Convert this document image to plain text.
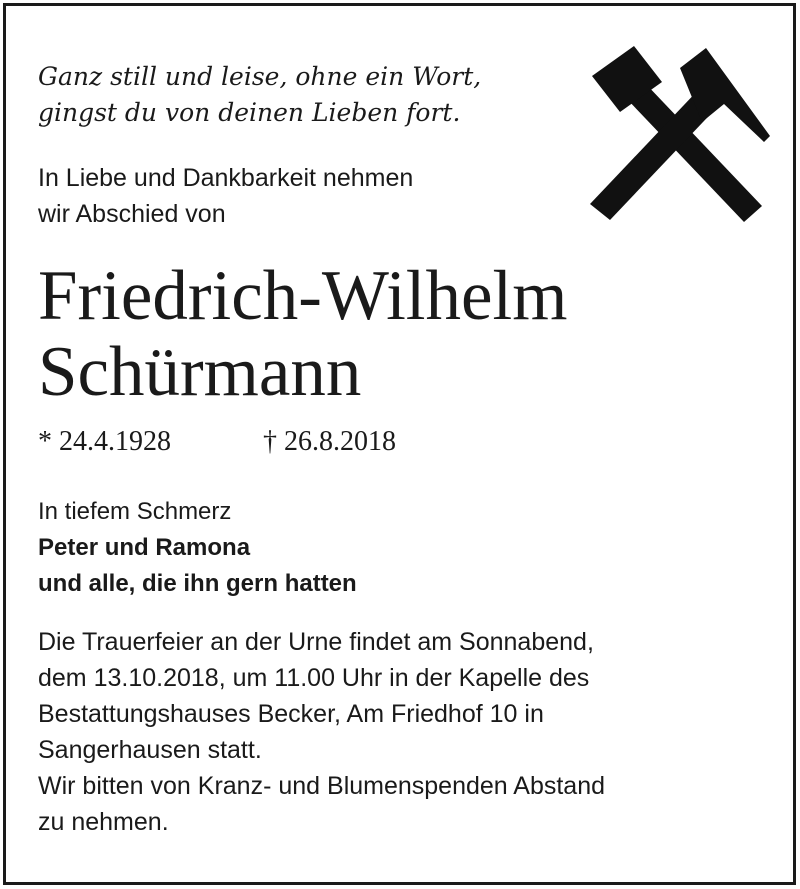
Ganz still und leise, ohne ein Wort,
gingst du von deinen Lieben fort.
In Liebe und Dankbarkeit nehmen
wir Abschied von
Friedrich-Wilhelm
Schürmann
* 24.4.1928	† 26.8.2018
In tiefem Schmerz
Peter und Ramona
und alle, die ihn gern hatten
Die Trauerfeier an der Urne findet am Sonnabend,
dem 13.10.2018, um 11.00 Uhr in der Kapelle des
Bestattungshauses Becker, Am Friedhof 10 in
Sangerhausen statt.
Wir bitten von Kranz- und Blumenspenden Abstand
zu nehmen.
